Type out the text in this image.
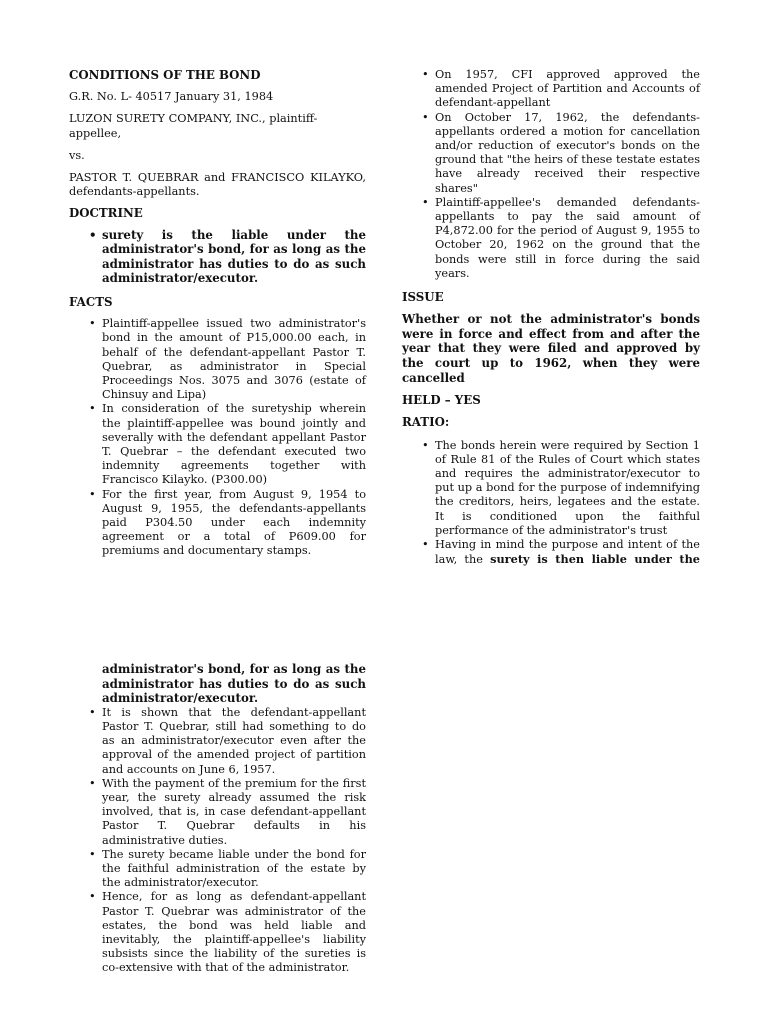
CONDITIONS OF THE BOND

G.R. No. L- 40517 January 31, 1984

LUZON SURETY COMPANY, INC., plaintiff-appellee,

vs.

PASTOR T. QUEBRAR and FRANCISCO KILAYKO, defendants-appellants.

DOCTRINE
• surety is the liable under the administrator's bond, for as long as the administrator has duties to do as such administrator/executor.
FACTS
• Plaintiff-appellee issued two administrator's bond in the amount of P15,000.00 each, in behalf of the defendant-appellant Pastor T. Quebrar, as administrator in Special Proceedings Nos. 3075 and 3076 (estate of Chinsuy and Lipa)
• In consideration of the suretyship wherein the plaintiff-appellee was bound jointly and severally with the defendant appellant Pastor T. Quebrar – the defendant executed two indemnity agreements together with Francisco Kilayko. (P300.00)
• For the first year, from August 9, 1954 to August 9, 1955, the defendants-appellants paid P304.50 under each indemnity agreement or a total of P609.00 for premiums and documentary stamps.
• On 1957, CFI approved approved the amended Project of Partition and Accounts of defendant-appellant
• On October 17, 1962, the defendants-appellants ordered a motion for cancellation and/or reduction of executor's bonds on the ground that "the heirs of these testate estates have already received their respective shares"
• Plaintiff-appellee's demanded defendants-appellants to pay the said amount of P4,872.00 for the period of August 9, 1955 to October 20, 1962 on the ground that the bonds were still in force during the said years.
ISSUE

Whether or not the administrator's bonds were in force and effect from and after the year that they were filed and approved by the court up to 1962, when they were cancelled

HELD – YES
RATIO:
• The bonds herein were required by Section 1 of Rule 81 of the Rules of Court which states and requires the administrator/executor to put up a bond for the purpose of indemnifying the creditors, heirs, legatees and the estate. It is conditioned upon the faithful performance of the administrator's trust
• Having in mind the purpose and intent of the law, the surety is then liable under the

administrator's bond, for as long as the administrator has duties to do as such administrator/executor.

• It is shown that the defendant-appellant Pastor T. Quebrar, still had something to do as an administrator/executor even after the approval of the amended project of partition and accounts on June 6, 1957.
• With the payment of the premium for the first year, the surety already assumed the risk involved, that is, in case defendant-appellant Pastor T. Quebrar defaults in his administrative duties.
• The surety became liable under the bond for the faithful administration of the estate by the administrator/executor.
• Hence, for as long as defendant-appellant Pastor T. Quebrar was administrator of the estates, the bond was held liable and inevitably, the plaintiff-appellee's liability subsists since the liability of the sureties is co-extensive with that of the administrator.
